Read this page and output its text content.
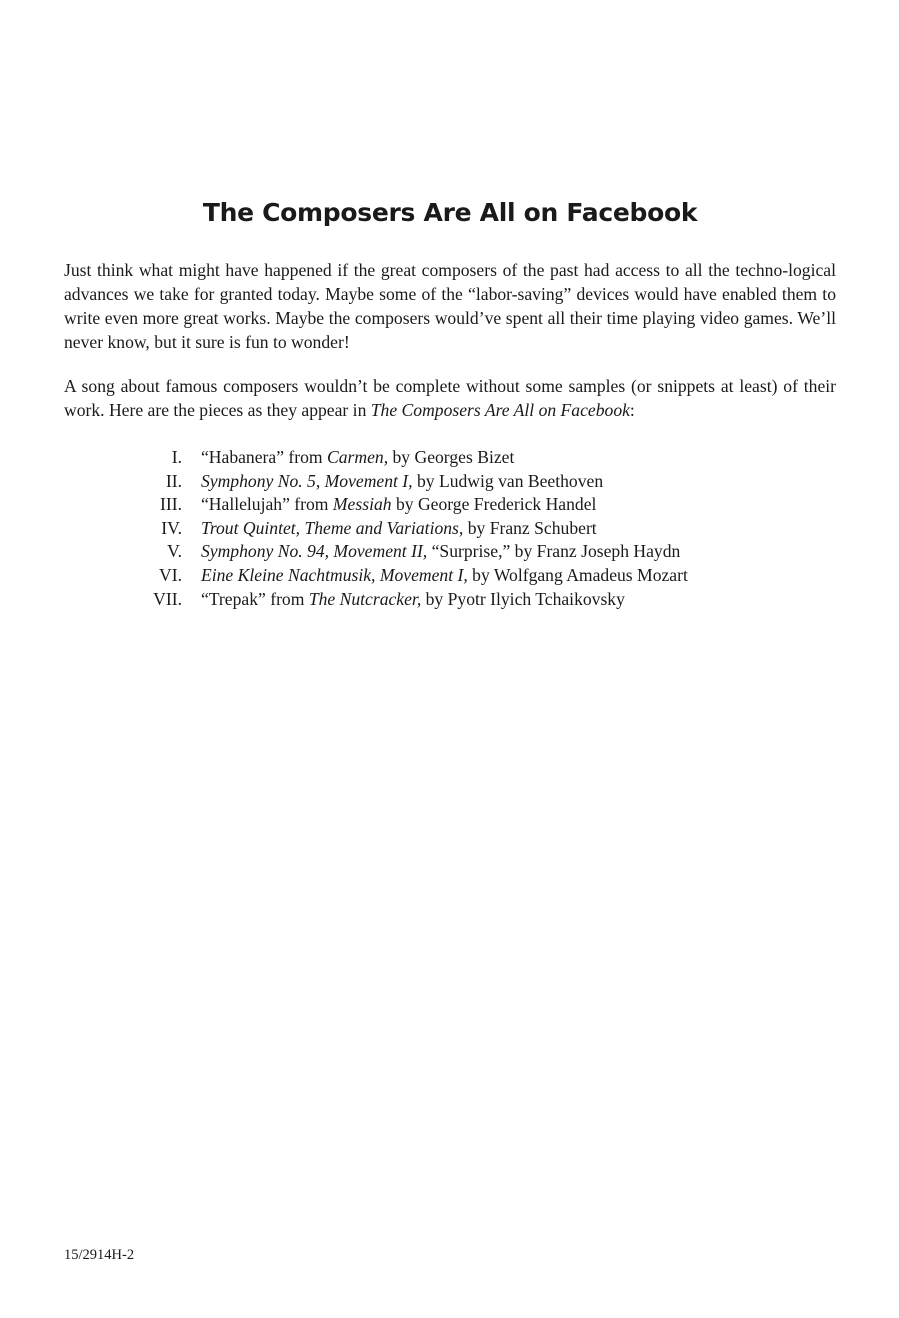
The Composers Are All on Facebook

Just think what might have happened if the great composers of the past had access to all the techno-logical advances we take for granted today. Maybe some of the “labor-saving” devices would have enabled them to write even more great works. Maybe the composers would’ve spent all their time playing video games. We’ll never know, but it sure is fun to wonder!

A song about famous composers wouldn’t be complete without some samples (or snippets at least) of their work. Here are the pieces as they appear in The Composers Are All on Facebook:

I. “Habanera” from Carmen, by Georges Bizet
II. Symphony No. 5, Movement I, by Ludwig van Beethoven
III. “Hallelujah” from Messiah by George Frederick Handel
IV. Trout Quintet, Theme and Variations, by Franz Schubert
V. Symphony No. 94, Movement II, “Surprise,” by Franz Joseph Haydn
VI. Eine Kleine Nachtmusik, Movement I, by Wolfgang Amadeus Mozart
VII. “Trepak” from The Nutcracker, by Pyotr Ilyich Tchaikovsky

15/2914H-2
